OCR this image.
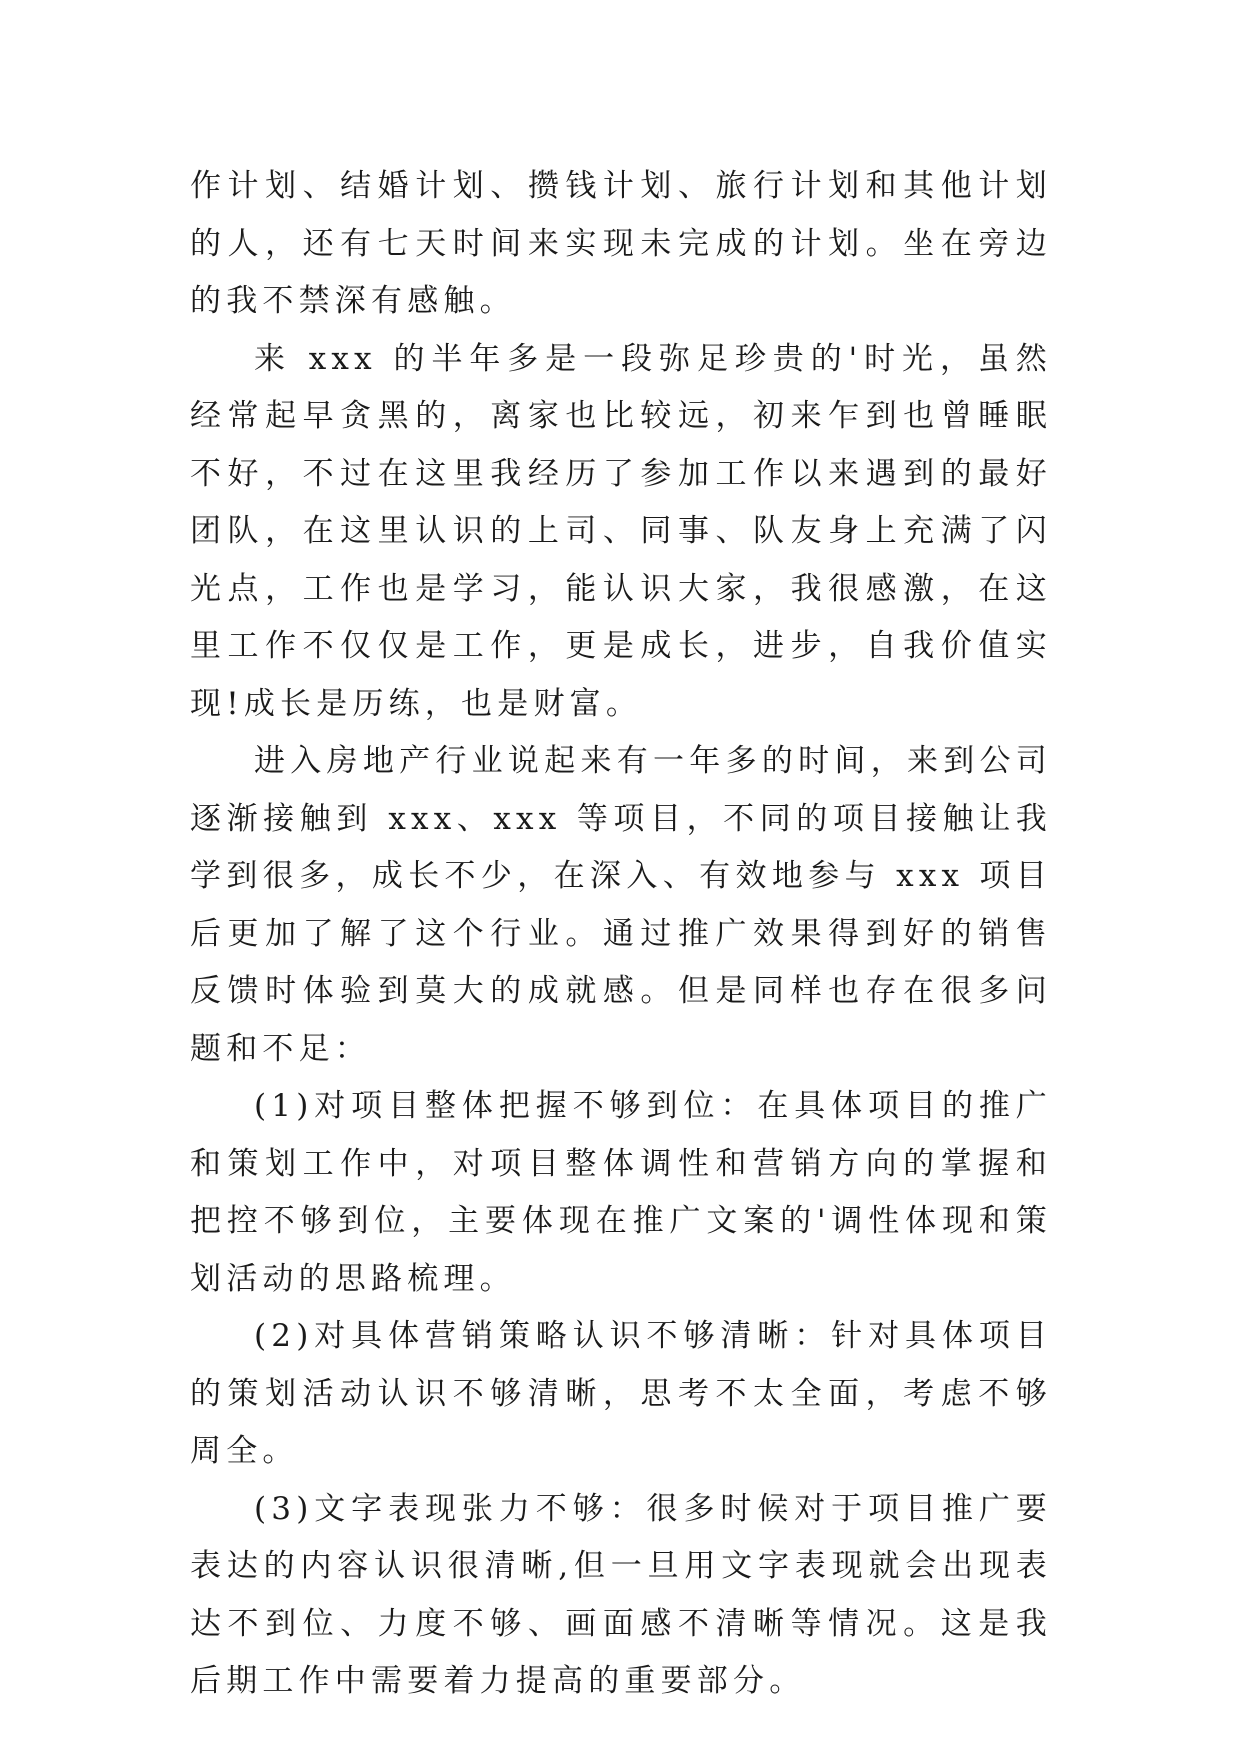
作计划、结婚计划、攒钱计划、旅行计划和其他计划的人，还有七天时间来实现未完成的计划。坐在旁边的我不禁深有感触。

来 xxx 的半年多是一段弥足珍贵的'时光，虽然经常起早贪黑的，离家也比较远，初来乍到也曾睡眠不好，不过在这里我经历了参加工作以来遇到的最好团队，在这里认识的上司、同事、队友身上充满了闪光点，工作也是学习，能认识大家，我很感激，在这里工作不仅仅是工作，更是成长，进步，自我价值实现!成长是历练，也是财富。

进入房地产行业说起来有一年多的时间，来到公司逐渐接触到 xxx、xxx 等项目，不同的项目接触让我学到很多，成长不少，在深入、有效地参与 xxx 项目后更加了解了这个行业。通过推广效果得到好的销售反馈时体验到莫大的成就感。但是同样也存在很多问题和不足：

(1)对项目整体把握不够到位：在具体项目的推广和策划工作中，对项目整体调性和营销方向的掌握和把控不够到位，主要体现在推广文案的'调性体现和策划活动的思路梳理。

(2)对具体营销策略认识不够清晰：针对具体项目的策划活动认识不够清晰，思考不太全面，考虑不够周全。

(3)文字表现张力不够：很多时候对于项目推广要表达的内容认识很清晰,但一旦用文字表现就会出现表达不到位、力度不够、画面感不清晰等情况。这是我后期工作中需要着力提高的重要部分。
